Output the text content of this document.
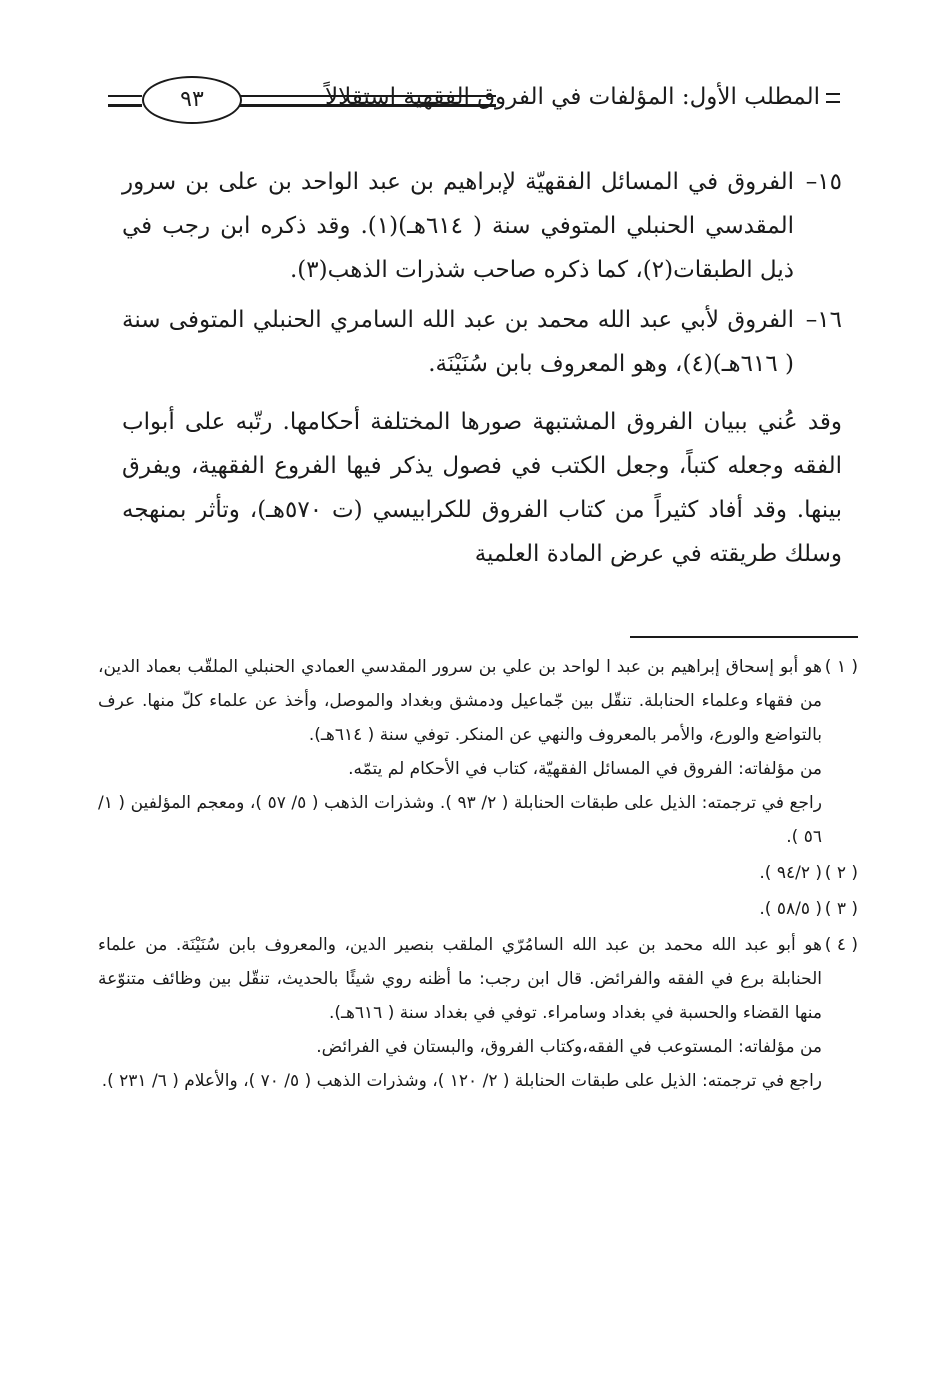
المطلب الأول: المؤلفات في الفروق الفقهية استقلالاً
٩٣
١٥–
الفروق في المسائل الفقهيّة لإبراهيم بن عبد الواحد بن على بن سرور المقدسي الحنبلي المتوفي سنة ( ٦١٤هـ)(١). وقد ذكره ابن رجب في ذيل الطبقات(٢)، كما ذكره صاحب شذرات الذهب(٣).
١٦–
الفروق لأبي عبد الله محمد بن عبد الله السامري الحنبلي المتوفى سنة ( ٦١٦هـ)(٤)، وهو المعروف بابن سُنَيْنَة.
وقد عُني ببيان الفروق المشتبهة صورها المختلفة أحكامها. رتّبه على أبواب الفقه وجعله كتباً، وجعل الكتب في فصول يذكر فيها الفروع الفقهية، ويفرق بينها. وقد أفاد كثيراً من كتاب الفروق للكرابيسي (ت ٥٧٠هـ)، وتأثر بمنهجه وسلك طريقته في عرض المادة العلمية
( ١ )
هو أبو إسحاق إبراهيم بن عبد ا لواحد بن علي بن سرور المقدسي العمادي الحنبلي الملقّب بعماد الدين، من فقهاء وعلماء الحنابلة. تنقّل بين جّماعيل ودمشق وبغداد والموصل، وأخذ عن علماء كلّ منها. عرف بالتواضع والورع، والأمر بالمعروف والنهي عن المنكر. توفي سنة ( ٦١٤هـ).
من مؤلفاته: الفروق في المسائل الفقهيّة، كتاب في الأحكام لم يتمّه.
راجع في ترجمته: الذيل على طبقات الحنابلة ( ٢/ ٩٣ ). وشذرات الذهب ( ٥/ ٥٧ )، ومعجم المؤلفين ( ١/ ٥٦ ).
( ٢ )
( ٩٤/٢ ).
( ٣ )
( ٥٨/٥ ).
( ٤ )
هو أبو عبد الله محمد بن عبد الله السامُرّي الملقب بنصير الدين، والمعروف بابن سُنَيْنَة. من علماء الحنابلة برع في الفقه والفرائض. قال ابن رجب: ما أظنه روي شيئًا بالحديث، تنقّل بين وظائف متنوّعة منها القضاء والحسبة في بغداد وسامراء. توفي في بغداد سنة ( ٦١٦هـ).
من مؤلفاته: المستوعب في الفقه،وكتاب الفروق، والبستان في الفرائض.
راجع في ترجمته: الذيل على طبقات الحنابلة ( ٢/ ١٢٠ )، وشذرات الذهب ( ٥/ ٧٠ )، والأعلام ( ٦/ ٢٣١ ).
